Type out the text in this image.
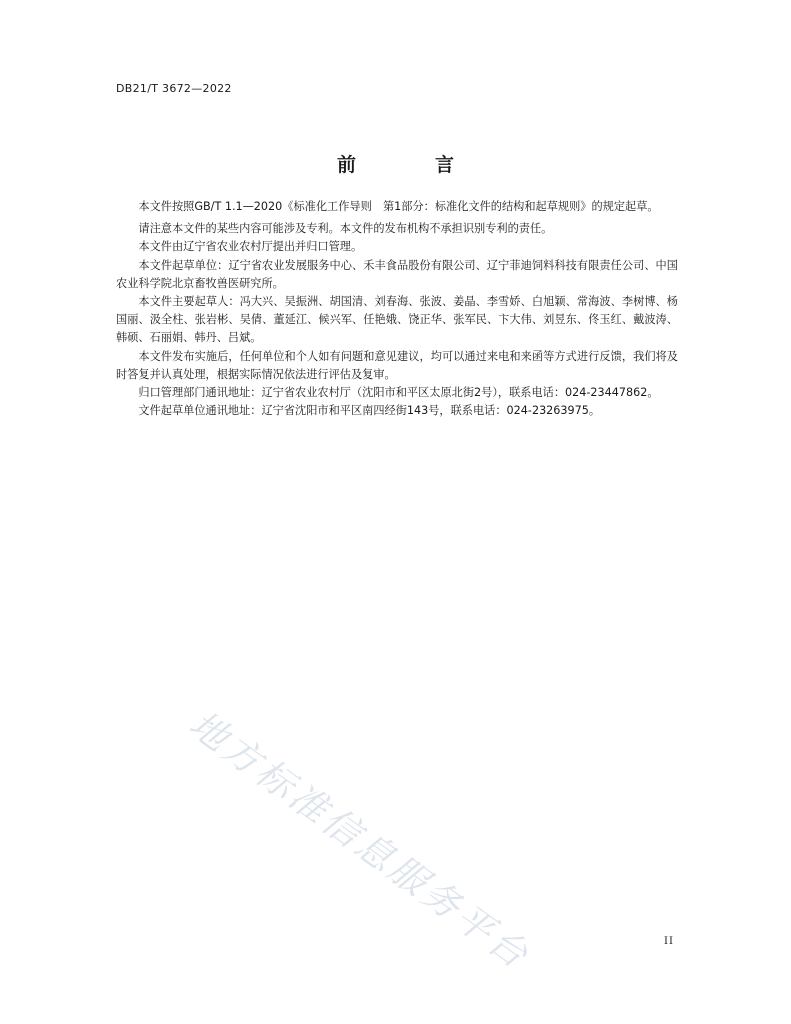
DB21/T 3672—2022
前　言

本文件按照GB/T 1.1—2020《标准化工作导则　第1部分：标准化文件的结构和起草规则》的规定起草。

请注意本文件的某些内容可能涉及专利。本文件的发布机构不承担识别专利的责任。

本文件由辽宁省农业农村厅提出并归口管理。

本文件起草单位：辽宁省农业发展服务中心、禾丰食品股份有限公司、辽宁菲迪饲料科技有限责任公司、中国农业科学院北京畜牧兽医研究所。

本文件主要起草人：冯大兴、吴振洲、胡国清、刘春海、张波、姜晶、李雪娇、白旭颖、常海波、李树博、杨国丽、汲全柱、张岩彬、吴倩、董延江、候兴军、任艳娥、饶正华、张军民、卞大伟、刘昱东、佟玉红、戴波涛、韩硕、石丽娟、韩丹、吕斌。

本文件发布实施后，任何单位和个人如有问题和意见建议，均可以通过来电和来函等方式进行反馈，我们将及时答复并认真处理，根据实际情况依法进行评估及复审。

归口管理部门通讯地址：辽宁省农业农村厅（沈阳市和平区太原北街2号），联系电话：024-23447862。

文件起草单位通讯地址：辽宁省沈阳市和平区南四经街143号，联系电话：024-23263975。

地方标准信息服务平台	II
